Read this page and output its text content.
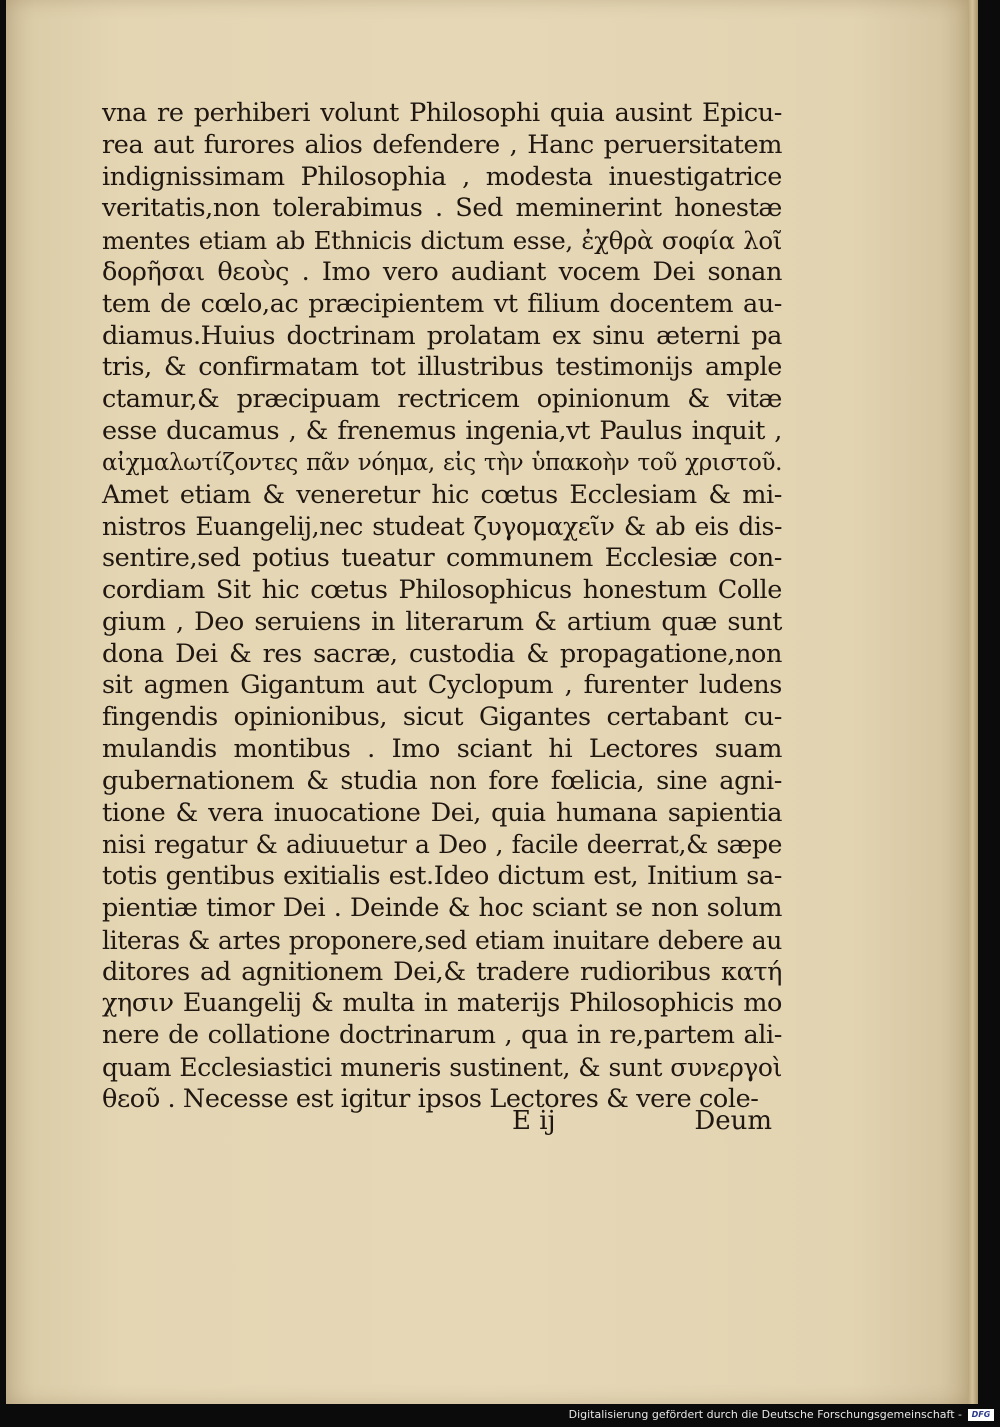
vna re perhiberi volunt Philosophi quia ausint Epicu-
rea aut furores alios defendere , Hanc peruersitatem
indignissimam Philosophia , modesta inuestigatrice
veritatis,non tolerabimus . Sed meminerint honestæ
mentes etiam ab Ethnicis dictum esse, ἐχθρὰ σοφία λοῖ
δορῆσαι θεοὺς . Imo vero audiant vocem Dei sonan
tem de cœlo,ac præcipientem vt filium docentem au-
diamus.Huius doctrinam prolatam ex sinu æterni pa
tris, & confirmatam tot illustribus testimonijs ample
ctamur,& præcipuam rectricem opinionum & vitæ
esse ducamus , & frenemus ingenia,vt Paulus inquit ,
αἰχμαλωτίζοντες πᾶν νόημα, εἰς τὴν ὑπακοὴν τοῦ χριστοῦ.
Amet etiam & veneretur hic cœtus Ecclesiam & mi-
nistros Euangelij,nec studeat ζυγομαχεῖν & ab eis dis-
sentire,sed potius tueatur communem Ecclesiæ con-
cordiam Sit hic cœtus Philosophicus honestum Colle
gium , Deo seruiens in literarum & artium quæ sunt
dona Dei & res sacræ, custodia & propagatione,non
sit agmen Gigantum aut Cyclopum , furenter ludens
fingendis opinionibus, sicut Gigantes certabant cu-
mulandis montibus . Imo sciant hi Lectores suam
gubernationem & studia non fore fœlicia, sine agni-
tione & vera inuocatione Dei, quia humana sapientia
nisi regatur & adiuuetur a Deo , facile deerrat,& sæpe
totis gentibus exitialis est.Ideo dictum est, Initium sa-
pientiæ timor Dei . Deinde & hoc sciant se non solum
literas & artes proponere,sed etiam inuitare debere au
ditores ad agnitionem Dei,& tradere rudioribus κατή
χησιν Euangelij & multa in materijs Philosophicis mo
nere de collatione doctrinarum , qua in re,partem ali-
quam Ecclesiastici muneris sustinent, & sunt συνεργοὶ
θεοῦ . Necesse est igitur ipsos Lectores & vere cole-
E ij	Deum
Digitalisierung gefördert durch die Deutsche Forschungsgemeinschaft -	DFG
